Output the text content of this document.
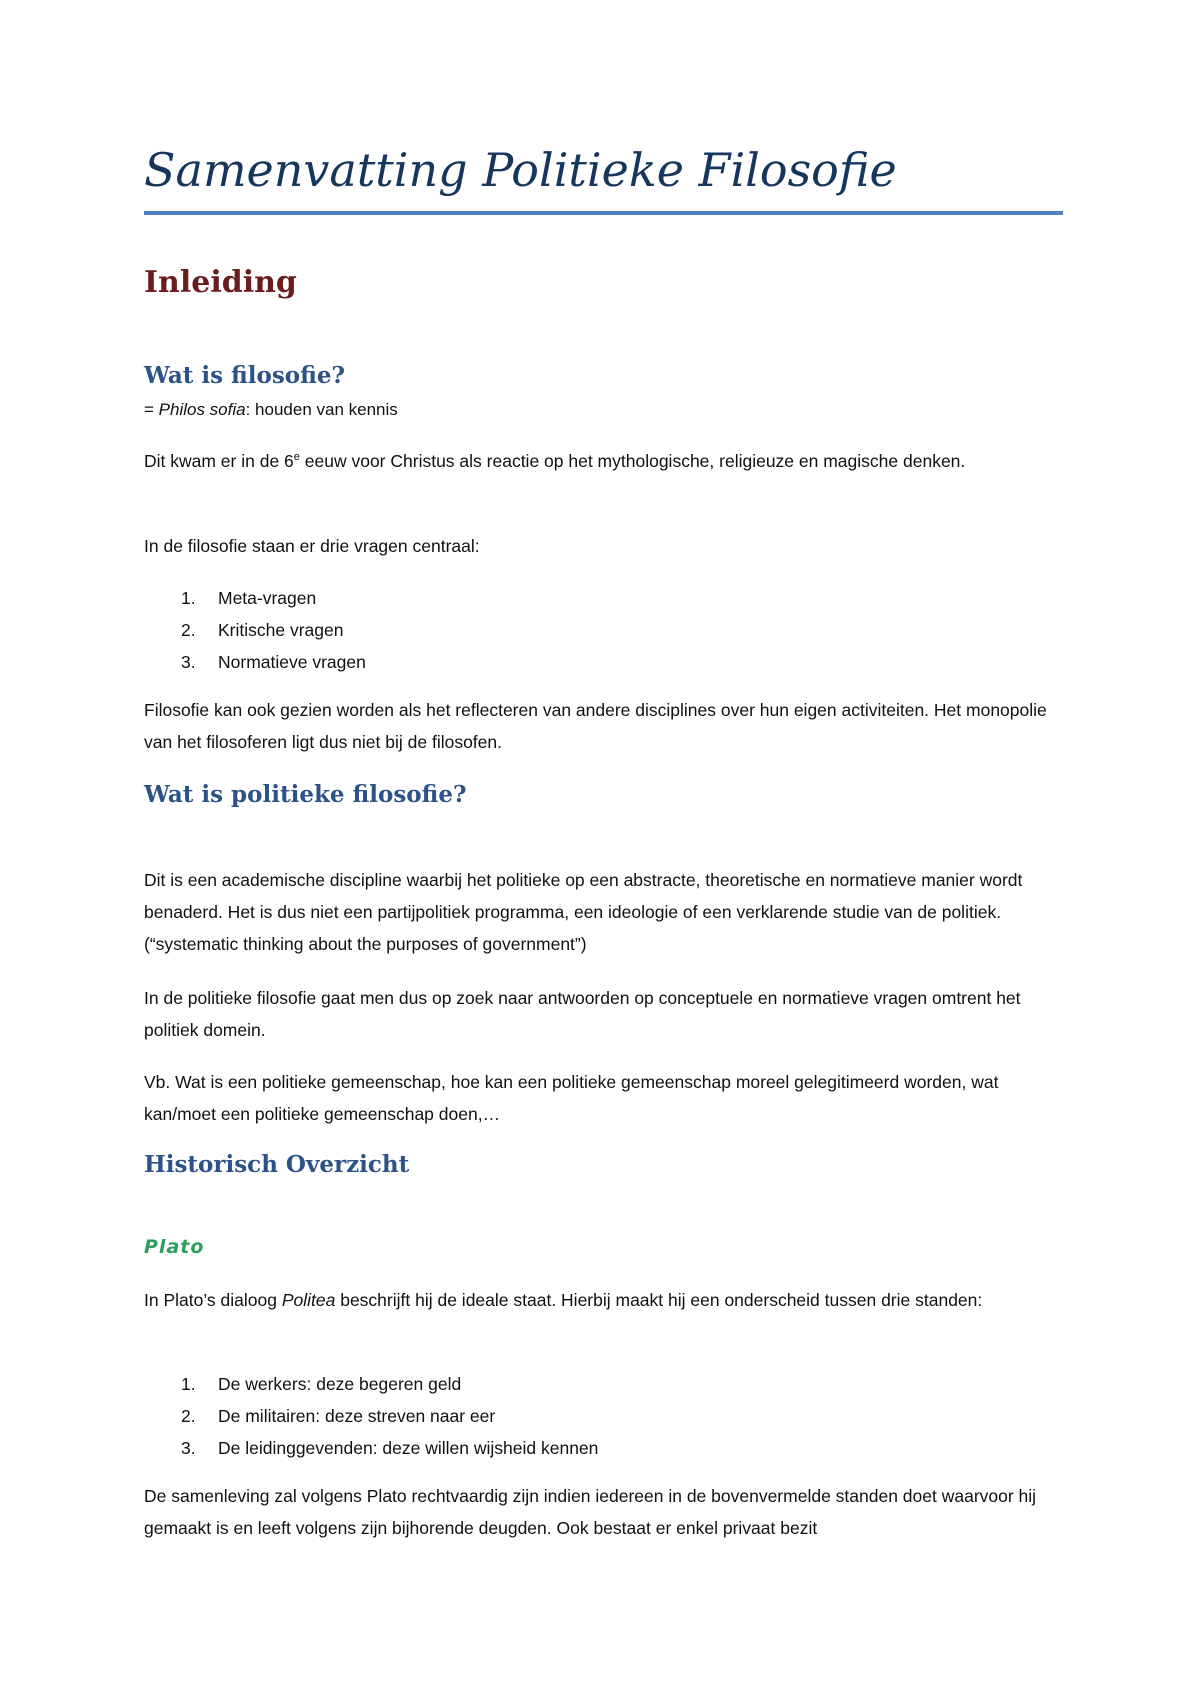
Samenvatting Politieke Filosofie
Inleiding
Wat is filosofie?

= Philos sofia: houden van kennis

Dit kwam er in de 6e eeuw voor Christus als reactie op het mythologische, religieuze en magische denken.

In de filosofie staan er drie vragen centraal:

1. Meta-vragen
2. Kritische vragen
3. Normatieve vragen

Filosofie kan ook gezien worden als het reflecteren van andere disciplines over hun eigen activiteiten. Het monopolie van het filosoferen ligt dus niet bij de filosofen.

Wat is politieke filosofie?

Dit is een academische discipline waarbij het politieke op een abstracte, theoretische en normatieve manier wordt benaderd. Het is dus niet een partijpolitiek programma, een ideologie of een verklarende studie van de politiek. (“systematic thinking about the purposes of government”)

In de politieke filosofie gaat men dus op zoek naar antwoorden op conceptuele en normatieve vragen omtrent het politiek domein.

Vb. Wat is een politieke gemeenschap, hoe kan een politieke gemeenschap moreel gelegitimeerd worden, wat kan/moet een politieke gemeenschap doen,…

Historisch Overzicht
Plato

In Plato’s dialoog Politea beschrijft hij de ideale staat. Hierbij maakt hij een onderscheid tussen drie standen:

1. De werkers: deze begeren geld
2. De militairen: deze streven naar eer
3. De leidinggevenden: deze willen wijsheid kennen

De samenleving zal volgens Plato rechtvaardig zijn indien iedereen in de bovenvermelde standen doet waarvoor hij gemaakt is en leeft volgens zijn bijhorende deugden. Ook bestaat er enkel privaat bezit
